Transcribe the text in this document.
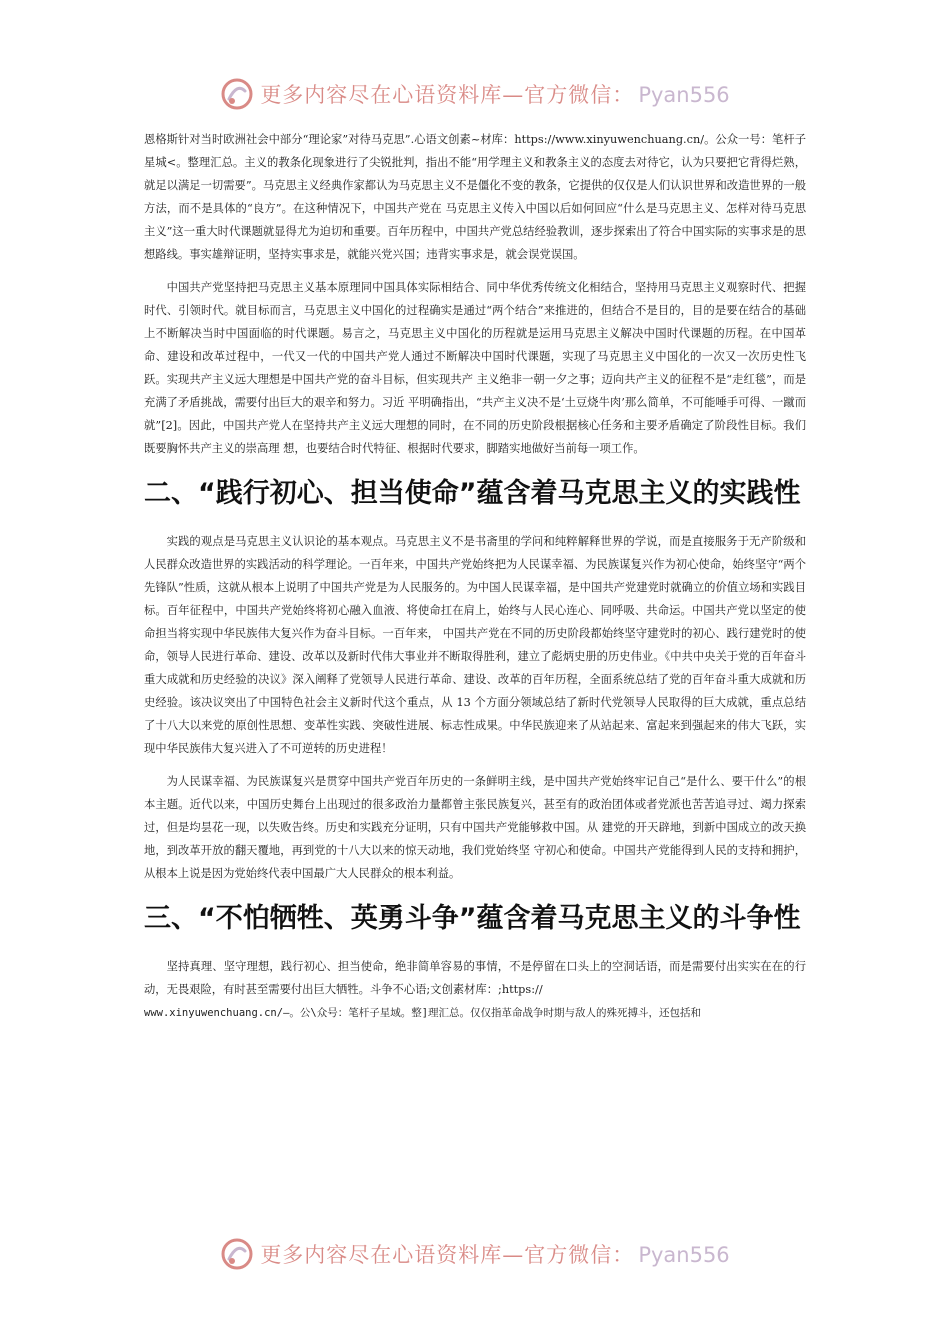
更多内容尽在心语资料库—官方微信： Pyan556

恩格斯针对当时欧洲社会中部分“理论家”对待马克思”.心语文创素~材库：https://www.xinyuwenchuang.cn/。公众一号：笔杆子星城<。整理汇总。主义的教条化现象进行了尖锐批判，指出不能“用学理主义和教条主义的态度去对待它，认为只要把它背得烂熟，就足以满足一切需要”。马克思主义经典作家都认为马克思主义不是僵化不变的教条，它提供的仅仅是人们认识世界和改造世界的一般方法，而不是具体的“良方”。在这种情况下，中国共产党在 马克思主义传入中国以后如何回应“什么是马克思主义、怎样对待马克思主义”这一重大时代课题就显得尤为迫切和重要。百年历程中，中国共产党总结经验教训，逐步探索出了符合中国实际的实事求是的思想路线。事实雄辩证明，坚持实事求是，就能兴党兴国；违背实事求是，就会误党误国。

中国共产党坚持把马克思主义基本原理同中国具体实际相结合、同中华优秀传统文化相结合，坚持用马克思主义观察时代、把握时代、引领时代。就目标而言，马克思主义中国化的过程确实是通过“两个结合”来推进的，但结合不是目的，目的是要在结合的基础上不断解决当时中国面临的时代课题。易言之，马克思主义中国化的历程就是运用马克思主义解决中国时代课题的历程。在中国革命、建设和改革过程中，一代又一代的中国共产党人通过不断解决中国时代课题，实现了马克思主义中国化的一次又一次历史性飞跃。实现共产主义远大理想是中国共产党的奋斗目标，但实现共产 主义绝非一朝一夕之事；迈向共产主义的征程不是“走红毯”，而是充满了矛盾挑战，需要付出巨大的艰辛和努力。习近 平明确指出，“共产主义决不是‘土豆烧牛肉’那么简单，不可能唾手可得、一蹴而就”[2]。因此，中国共产党人在坚持共产主义远大理想的同时，在不同的历史阶段根据核心任务和主要矛盾确定了阶段性目标。我们既要胸怀共产主义的崇高理 想，也要结合时代特征、根据时代要求，脚踏实地做好当前每一项工作。

二、“践行初心、担当使命”蕴含着马克思主义的实践性

实践的观点是马克思主义认识论的基本观点。马克思主义不是书斋里的学问和纯粹解释世界的学说，而是直接服务于无产阶级和人民群众改造世界的实践活动的科学理论。一百年来，中国共产党始终把为人民谋幸福、为民族谋复兴作为初心使命，始终坚守“两个先锋队”性质，这就从根本上说明了中国共产党是为人民服务的。为中国人民谋幸福，是中国共产党建党时就确立的价值立场和实践目标。百年征程中，中国共产党始终将初心融入血液、将使命扛在肩上，始终与人民心连心、同呼吸、共命运。中国共产党以坚定的使命担当将实现中华民族伟大复兴作为奋斗目标。一百年来， 中国共产党在不同的历史阶段都始终坚守建党时的初心、践行建党时的使命，领导人民进行革命、建设、改革以及新时代伟大事业并不断取得胜利，建立了彪炳史册的历史伟业。《中共中央关于党的百年奋斗重大成就和历史经验的决议》深入阐释了党领导人民进行革命、建设、改革的百年历程，全面系统总结了党的百年奋斗重大成就和历史经验。该决议突出了中国特色社会主义新时代这个重点，从 13 个方面分领域总结了新时代党领导人民取得的巨大成就，重点总结了十八大以来党的原创性思想、变革性实践、突破性进展、标志性成果。中华民族迎来了从站起来、富起来到强起来的伟大飞跃，实现中华民族伟大复兴进入了不可逆转的历史进程！

为人民谋幸福、为民族谋复兴是贯穿中国共产党百年历史的一条鲜明主线，是中国共产党始终牢记自己“是什么、要干什么”的根本主题。近代以来，中国历史舞台上出现过的很多政治力量都曾主张民族复兴，甚至有的政治团体或者党派也苦苦追寻过、竭力探索过，但是均昙花一现，以失败告终。历史和实践充分证明，只有中国共产党能够救中国。从 建党的开天辟地，到新中国成立的改天换地，到改革开放的翻天覆地，再到党的十八大以来的惊天动地，我们党始终坚 守初心和使命。中国共产党能得到人民的支持和拥护，从根本上说是因为党始终代表中国最广大人民群众的根本利益。

三、“不怕牺牲、英勇斗争”蕴含着马克思主义的斗争性

坚持真理、坚守理想，践行初心、担当使命，绝非简单容易的事情，不是停留在口头上的空洞话语，而是需要付出实实在在的行动，无畏艰险，有时甚至需要付出巨大牺牲。斗争不心语;文创素材库：;https://
www.xinyuwenchuang.cn/—。公\众号：笔杆子星域。整]理汇总。仅仅指革命战争时期与敌人的殊死搏斗，还包括和

更多内容尽在心语资料库—官方微信： Pyan556
